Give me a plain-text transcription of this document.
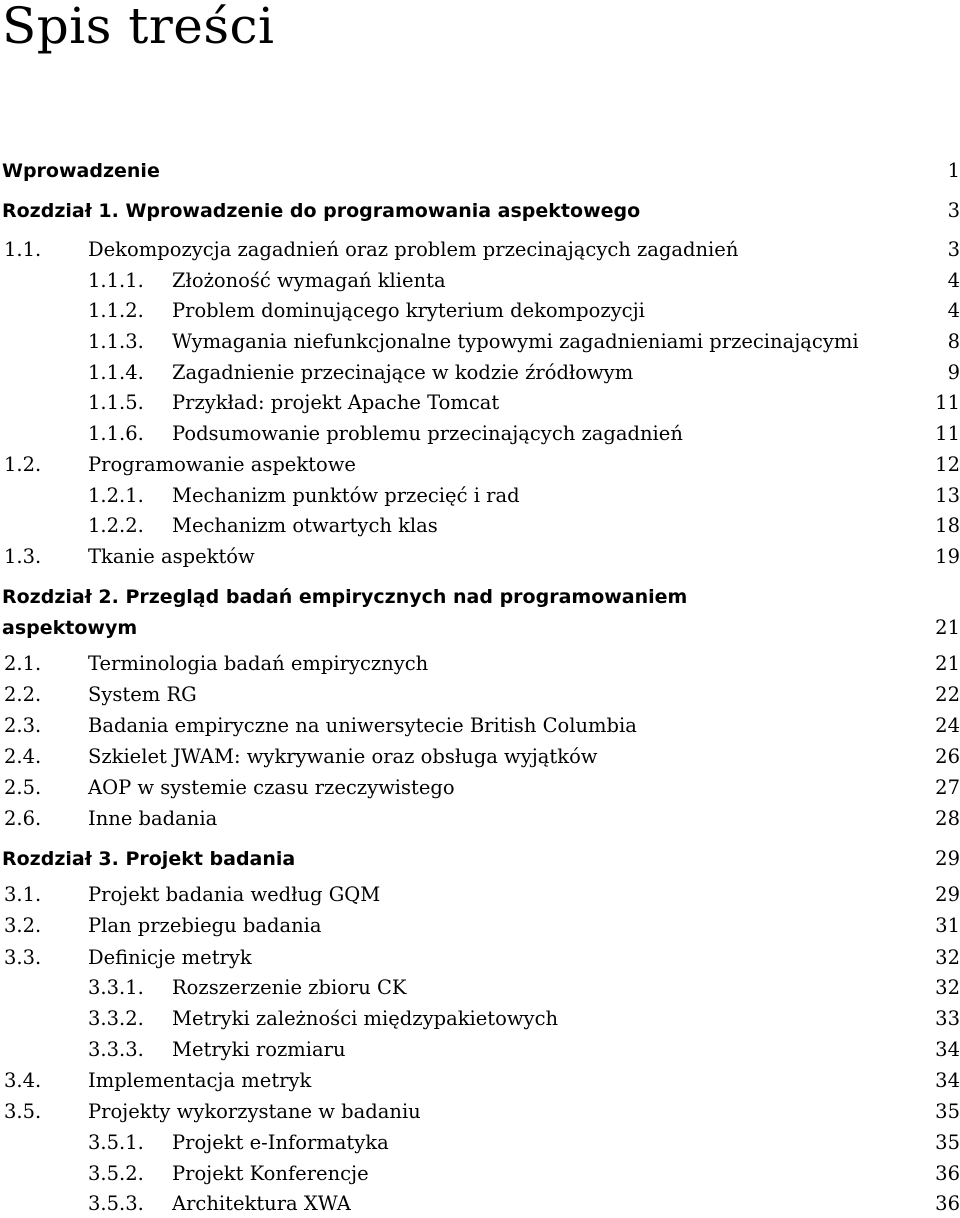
Spis treści
Wprowadzenie	1
Rozdział 1. Wprowadzenie do programowania aspektowego	3
1.1. Dekompozycja zagadnień oraz problem przecinających zagadnień	3
1.1.1. Złożoność wymagań klienta	4
1.1.2. Problem dominującego kryterium dekompozycji	4
1.1.3. Wymagania niefunkcjonalne typowymi zagadnieniami przecinającymi	8
1.1.4. Zagadnienie przecinające w kodzie źródłowym	9
1.1.5. Przykład: projekt Apache Tomcat	11
1.1.6. Podsumowanie problemu przecinających zagadnień	11
1.2. Programowanie aspektowe	12
1.2.1. Mechanizm punktów przecięć i rad	13
1.2.2. Mechanizm otwartych klas	18
1.3. Tkanie aspektów	19
Rozdział 2. Przegląd badań empirycznych nad programowaniem
aspektowym	21
2.1. Terminologia badań empirycznych	21
2.2. System RG	22
2.3. Badania empiryczne na uniwersytecie British Columbia	24
2.4. Szkielet JWAM: wykrywanie oraz obsługa wyjątków	26
2.5. AOP w systemie czasu rzeczywistego	27
2.6. Inne badania	28
Rozdział 3. Projekt badania	29
3.1. Projekt badania według GQM	29
3.2. Plan przebiegu badania	31
3.3. Definicje metryk	32
3.3.1. Rozszerzenie zbioru CK	32
3.3.2. Metryki zależności międzypakietowych	33
3.3.3. Metryki rozmiaru	34
3.4. Implementacja metryk	34
3.5. Projekty wykorzystane w badaniu	35
3.5.1. Projekt e-Informatyka	35
3.5.2. Projekt Konferencje	36
3.5.3. Architektura XWA	36
